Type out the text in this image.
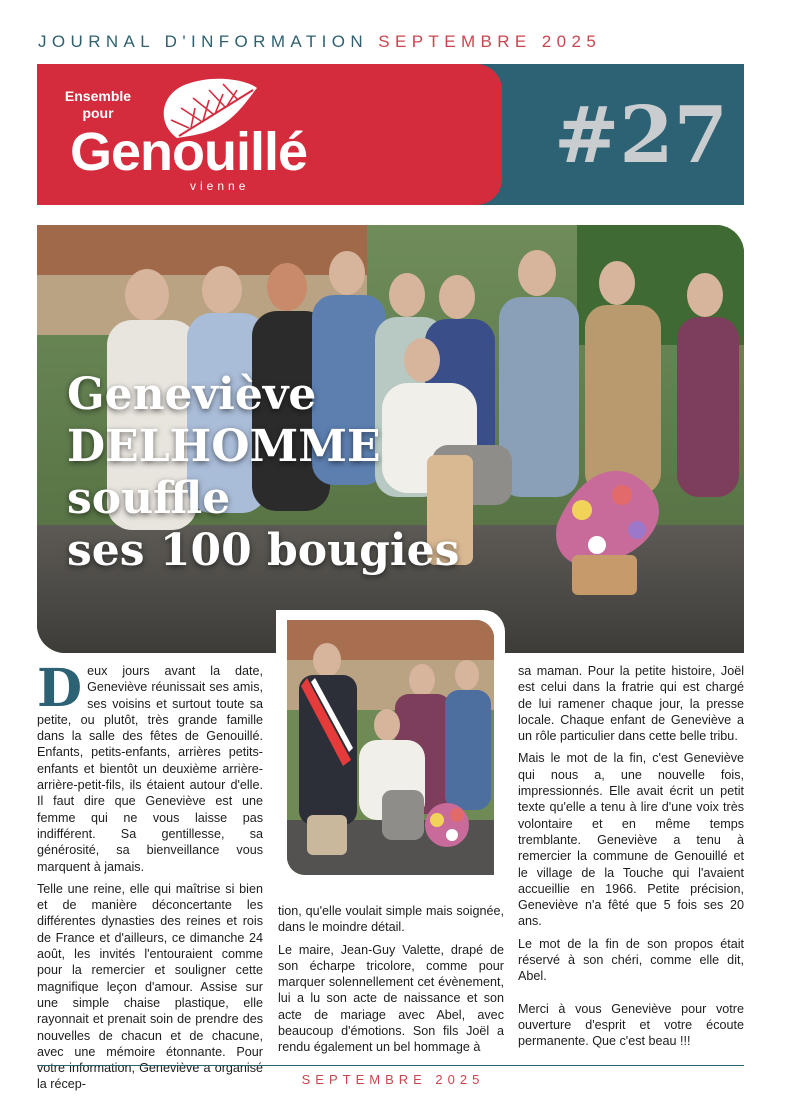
JOURNAL D'INFORMATION SEPTEMBRE 2025
Ensemble
pour
Genouillé
vienne
#27
Geneviève
DELHOMME
souffle
ses 100 bougies

Deux jours avant la date, Geneviève réunissait ses amis, ses voisins et surtout toute sa petite, ou plutôt, très grande famille dans la salle des fêtes de Genouillé. Enfants, petits-enfants, arrières petits-enfants et bientôt un deuxième arrière-arrière-petit-fils, ils étaient autour d'elle. Il faut dire que Geneviève est une femme qui ne vous laisse pas indifférent. Sa gentillesse, sa générosité, sa bienveillance vous marquent à jamais.

Telle une reine, elle qui maîtrise si bien et de manière déconcertante les différentes dynasties des reines et rois de France et d'ailleurs, ce dimanche 24 août, les invités l'entouraient comme pour la remercier et souligner cette magnifique leçon d'amour. Assise sur une simple chaise plastique, elle rayonnait et prenait soin de prendre des nouvelles de chacun et de chacune, avec une mémoire étonnante. Pour votre information, Geneviève a organisé la récep-

tion, qu'elle voulait simple mais soignée, dans le moindre détail.

Le maire, Jean-Guy Valette, drapé de son écharpe tricolore, comme pour marquer solennellement cet évènement, lui a lu son acte de naissance et son acte de mariage avec Abel, avec beaucoup d'émotions. Son fils Joël a rendu également un bel hommage à

sa maman. Pour la petite histoire, Joël est celui dans la fratrie qui est chargé de lui ramener chaque jour, la presse locale. Chaque enfant de Geneviève a un rôle particulier dans cette belle tribu.

Mais le mot de la fin, c'est Geneviève qui nous a, une nouvelle fois, impressionnés. Elle avait écrit un petit texte qu'elle a tenu à lire d'une voix très volontaire et en même temps tremblante. Geneviève a tenu à remercier la commune de Genouillé et le village de la Touche qui l'avaient accueillie en 1966. Petite précision, Geneviève n'a fêté que 5 fois ses 20 ans.

Le mot de la fin de son propos était réservé à son chéri, comme elle dit, Abel.

Merci à vous Geneviève pour votre ouverture d'esprit et votre écoute permanente. Que c'est beau !!!

SEPTEMBRE 2025
